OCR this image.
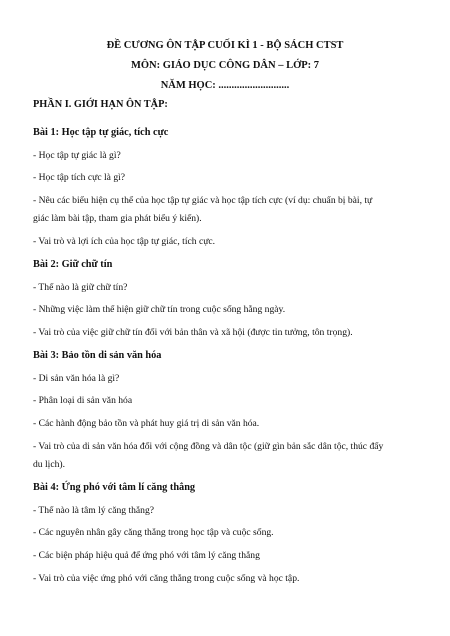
ĐỀ CƯƠNG ÔN TẬP CUỐI KÌ 1 - BỘ SÁCH CTST
MÔN: GIÁO DỤC CÔNG DÂN – LỚP: 7
NĂM HỌC: ...........................
PHẦN I. GIỚI HẠN ÔN TẬP:
Bài 1: Học tập tự giác, tích cực
- Học tập tự giác là gì?
- Học tập tích cực là gì?
- Nêu các biểu hiện cụ thể của học tập tự giác và học tập tích cực (ví dụ: chuẩn bị bài, tự
giác làm bài tập, tham gia phát biểu ý kiến).
- Vai trò và lợi ích của học tập tự giác, tích cực.
Bài 2: Giữ chữ tín
- Thế nào là giữ chữ tín?
- Những việc làm thể hiện giữ chữ tín trong cuộc sống hằng ngày.
- Vai trò của việc giữ chữ tín đối với bản thân và xã hội (được tin tưởng, tôn trọng).
Bài 3: Bảo tồn di sản văn hóa
- Di sản văn hóa là gì?
- Phân loại di sản văn hóa
- Các hành động bảo tồn và phát huy giá trị di sản văn hóa.
- Vai trò của di sản văn hóa đối với cộng đồng và dân tộc (giữ gìn bản sắc dân tộc, thúc đẩy
du lịch).
Bài 4: Ứng phó với tâm lí căng thẳng
- Thế nào là tâm lý căng thẳng?
- Các nguyên nhân gây căng thẳng trong học tập và cuộc sống.
- Các biện pháp hiệu quả để ứng phó với tâm lý căng thẳng
- Vai trò của việc ứng phó với căng thẳng trong cuộc sống và học tập.
